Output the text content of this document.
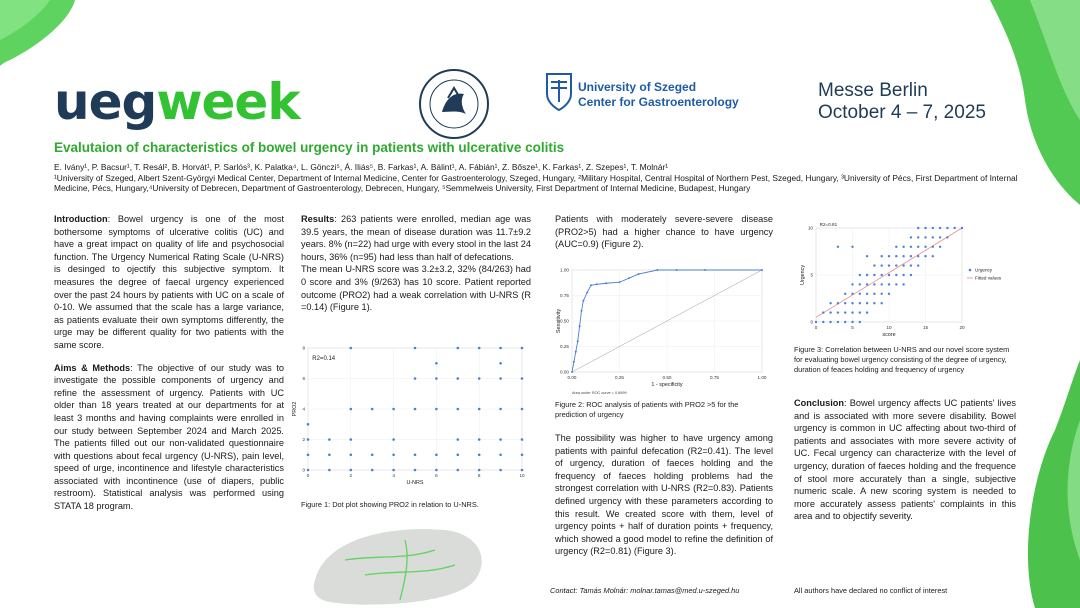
uegweek	University of Szeged
Center for Gastroenterology
Messe Berlin
October 4 – 7, 2025
Evalutaion of characteristics of bowel urgency in patients with ulcerative colitis
E. Ivány¹, P. Bacsur¹, T. Resál², B. Horvát¹, P. Sarlós³, K. Palatka⁴, L. Gönczi⁵, Á. Iliás⁵, B. Farkas¹, A. Bálint¹, A. Fábián¹, Z. Bősze¹, K. Farkas¹, Z. Szepes¹, T. Molnár¹
¹University of Szeged, Albert Szent-Györgyi Medical Center, Department of Internal Medicine, Center for Gastroenterology, Szeged, Hungary, ²Military Hospital, Central Hospital of Northern Pest, Szeged, Hungary, ³University of Pécs, First Department of Internal Medicine, Pécs, Hungary,⁴University of Debrecen, Department of Gastroenterology, Debrecen, Hungary, ⁵Semmelweis University, First Department of Internal Medicine, Budapest, Hungary

Introduction: Bowel urgency is one of the most bothersome symptoms of ulcerative colitis (UC) and have a great impact on quality of life and psychosocial function. The Urgency Numerical Rating Scale (U-NRS) is desinged to ojectify this subjective symptom. It measures the degree of faecal urgency experienced over the past 24 hours by patients with UC on a scale of 0-10. We assumed that the scale has a large variance, as patients evaluate their own symptoms differently, the urge may be different quality for two patients with the same score.

Aims & Methods: The objective of our study was to investigate the possible components of urgency and refine the assessment of urgency. Patients with UC older than 18 years treated at our departments for at least 3 months and having complaints were enrolled in our study between September 2024 and March 2025. The patients filled out our non-validated questionnaire with questions about fecal urgency (U-NRS), pain level, speed of urge, incontinence and lifestyle characteristics associated with incontinence (use of diapers, public restroom). Statistical analysis was performed using STATA 18 program.

Results: 263 patients were enrolled, median age was 39.5 years, the mean of disease duration was 11.7±9.2 years. 8% (n=22) had urge with every stool in the last 24 hours, 36% (n=95) had less than half of defecations.

The mean U-NRS score was 3.2±3.2, 32% (84/263) had 0 score and 3% (9/263) has 10 score. Patient reported outcome (PRO2) had a weak correlation with U-NRS (R =0.14) (Figure 1).

0	2	4	6	8	10
0
2
4
6
8
U-NRS
PRO2
R2=0.14
Figure 1: Dot plot showing PRO2 in relation to U-NRS.

Patients with moderately severe-severe disease (PRO2>5) had a higher chance to have urgency (AUC=0.9) (Figure 2).

0.00	0.25	0.50	0.75	1.00
0.00
0.25
0.50
0.75
1.00
1 - specificity
Sensitivity
Area under ROC curve = 0.8999
Figure 2: ROC analysis of patients with PRO2 >5 for the prediction of urgency

The possibility was higher to have urgency among patients with painful defecation (R2=0.41). The level of urgency, duration of faeces holding and the frequency of faeces holding problems had the strongest correlation with U-NRS (R2=0.83). Patients defined urgency with these parameters according to this result. We created score with them, level of urgency points + half of duration points + frequency, which showed a good model to refine the definition of urgency (R2=0.81) (Figure 3).

0	5	10	15	20
0
5
10
score
Urgency
R2=0.81
Urgency
Fitted values
Figure 3: Correlation between U-NRS and our novel score system for evaluating bowel urgency consisting of the degree of urgency, duration of feaces holding and frequency of urgency

Conclusion: Bowel urgency affects UC patients' lives and is associated with more severe disability. Bowel urgency is common in UC affecting about two-third of patients and associates with more severe activity of UC. Fecal urgency can characterize with the level of urgency, duration of faeces holding and the frequence of stool more accurately than a single, subjective numeric scale. A new scoring system is needed to more accurately assess patients' complaints in this area and to objectify severity.

Contact: Tamás Molnár: molnar.tamas@med.u-szeged.hu	All authors have declared no conflict of interest
